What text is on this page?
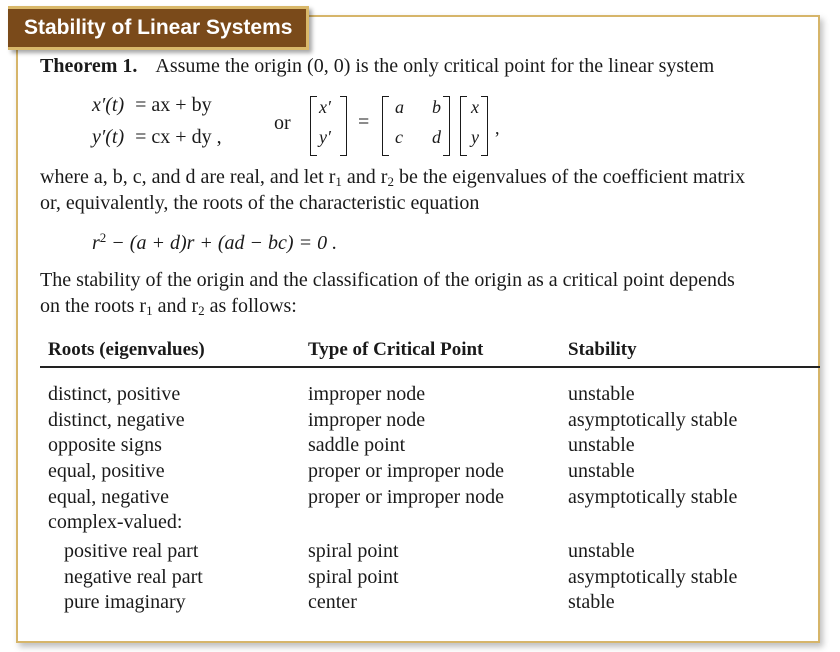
Stability of Linear Systems
Theorem 1. Assume the origin (0, 0) is the only critical point for the linear system
x′(t) = ax + by
y′(t) = cx + dy ,
or
x′
y′
=
a b
c d
x
y ,
where a, b, c, and d are real, and let $r_1$ and $r_2$ be the eigenvalues of the coefficient matrix
or, equivalently, the roots of the characteristic equation
$r^2 - (a + d)r + (ad - bc) = 0$ .
The stability of the origin and the classification of the origin as a critical point depends
on the roots $r_1$ and $r_2$ as follows:
Roots (eigenvalues)	Type of Critical Point	Stability
distinct, positive	improper node	unstable
distinct, negative	improper node	asymptotically stable
opposite signs	saddle point	unstable
equal, positive	proper or improper node	unstable
equal, negative	proper or improper node	asymptotically stable
complex-valued:
positive real part	spiral point	unstable
negative real part	spiral point	asymptotically stable
pure imaginary	center	stable
